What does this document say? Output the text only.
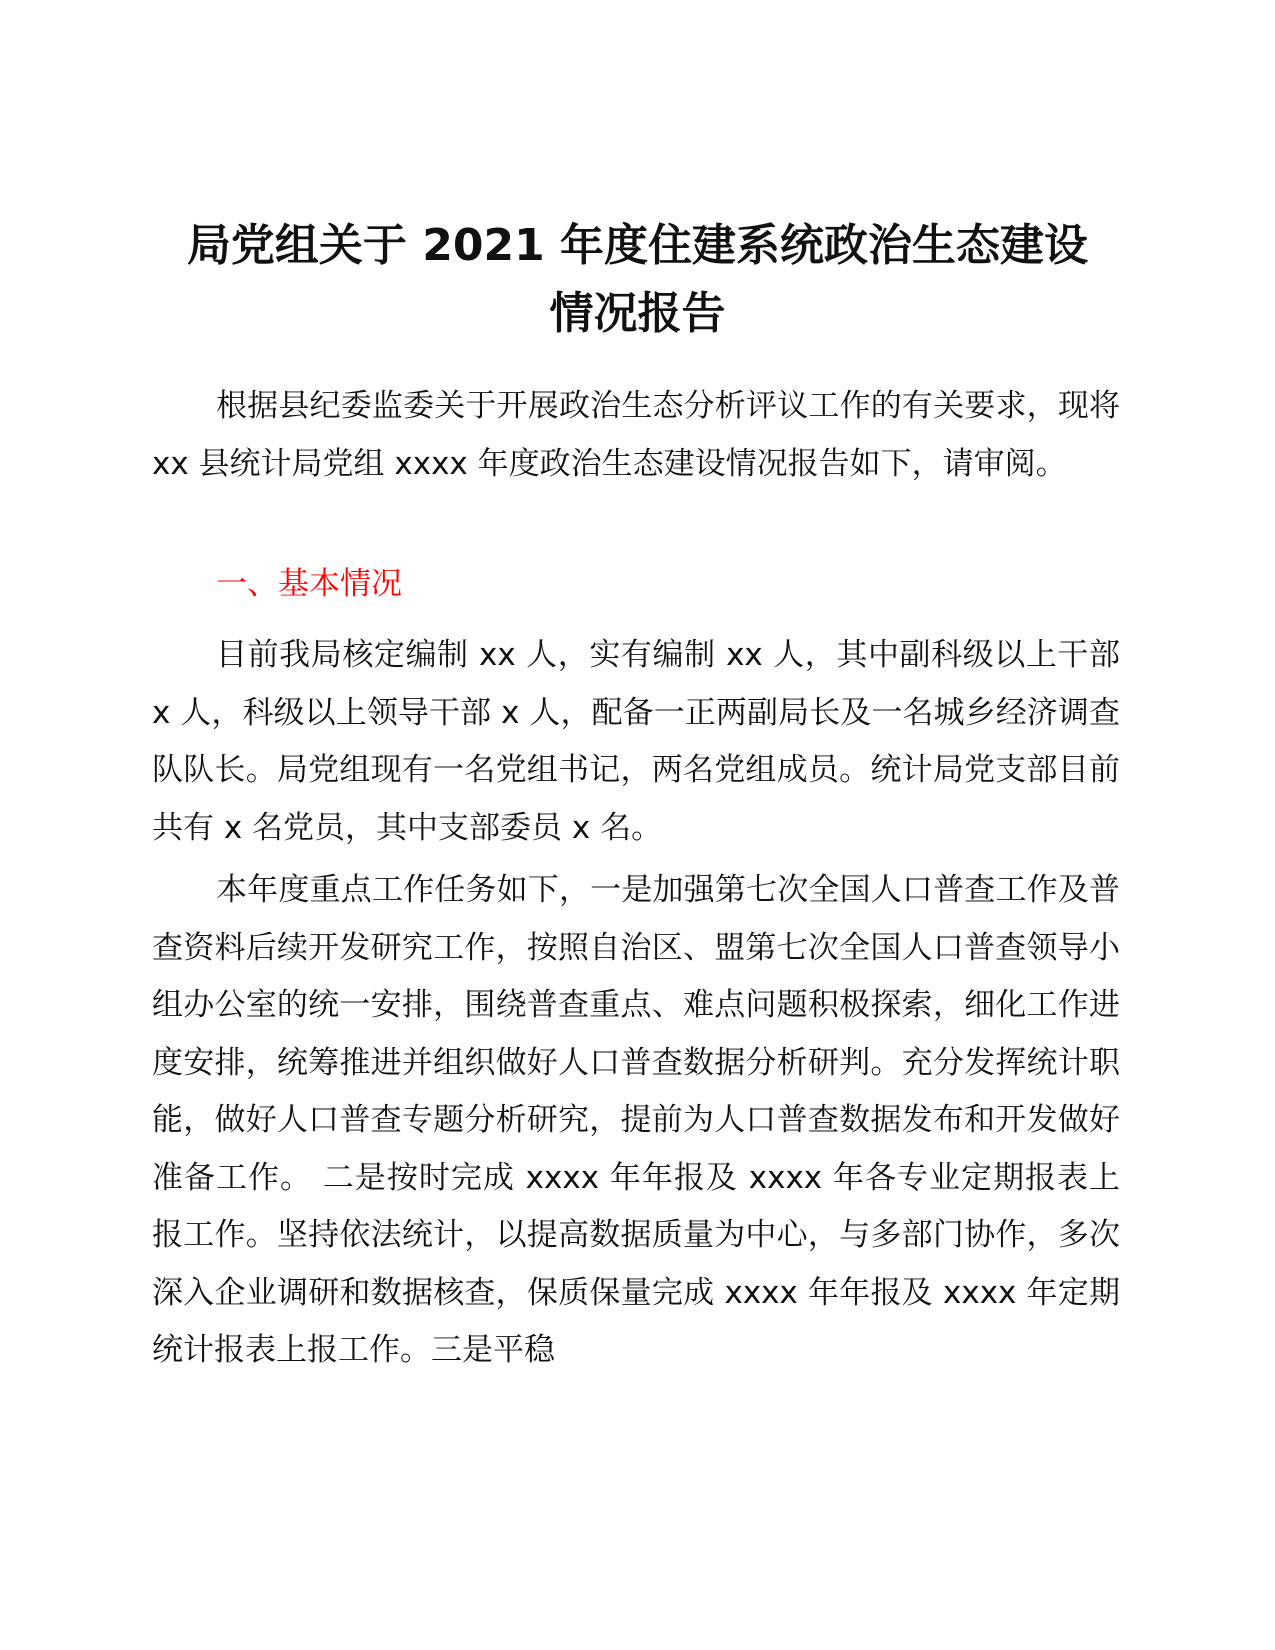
局党组关于 2021 年度住建系统政治生态建设
情况报告

根据县纪委监委关于开展政治生态分析评议工作的有关要求，现将 xx 县统计局党组 xxxx 年度政治生态建设情况报告如下，请审阅。

一、基本情况

目前我局核定编制 xx 人，实有编制 xx 人，其中副科级以上干部 x 人，科级以上领导干部 x 人，配备一正两副局长及一名城乡经济调查队队长。局党组现有一名党组书记，两名党组成员。统计局党支部目前共有 x 名党员，其中支部委员 x 名。

本年度重点工作任务如下，一是加强第七次全国人口普查工作及普查资料后续开发研究工作，按照自治区、盟第七次全国人口普查领导小组办公室的统一安排，围绕普查重点、难点问题积极探索，细化工作进度安排，统筹推进并组织做好人口普查数据分析研判。充分发挥统计职能，做好人口普查专题分析研究，提前为人口普查数据发布和开发做好准备工作。 二是按时完成 xxxx 年年报及 xxxx 年各专业定期报表上报工作。坚持依法统计，以提高数据质量为中心，与多部门协作，多次深入企业调研和数据核查，保质保量完成 xxxx 年年报及 xxxx 年定期统计报表上报工作。三是平稳
